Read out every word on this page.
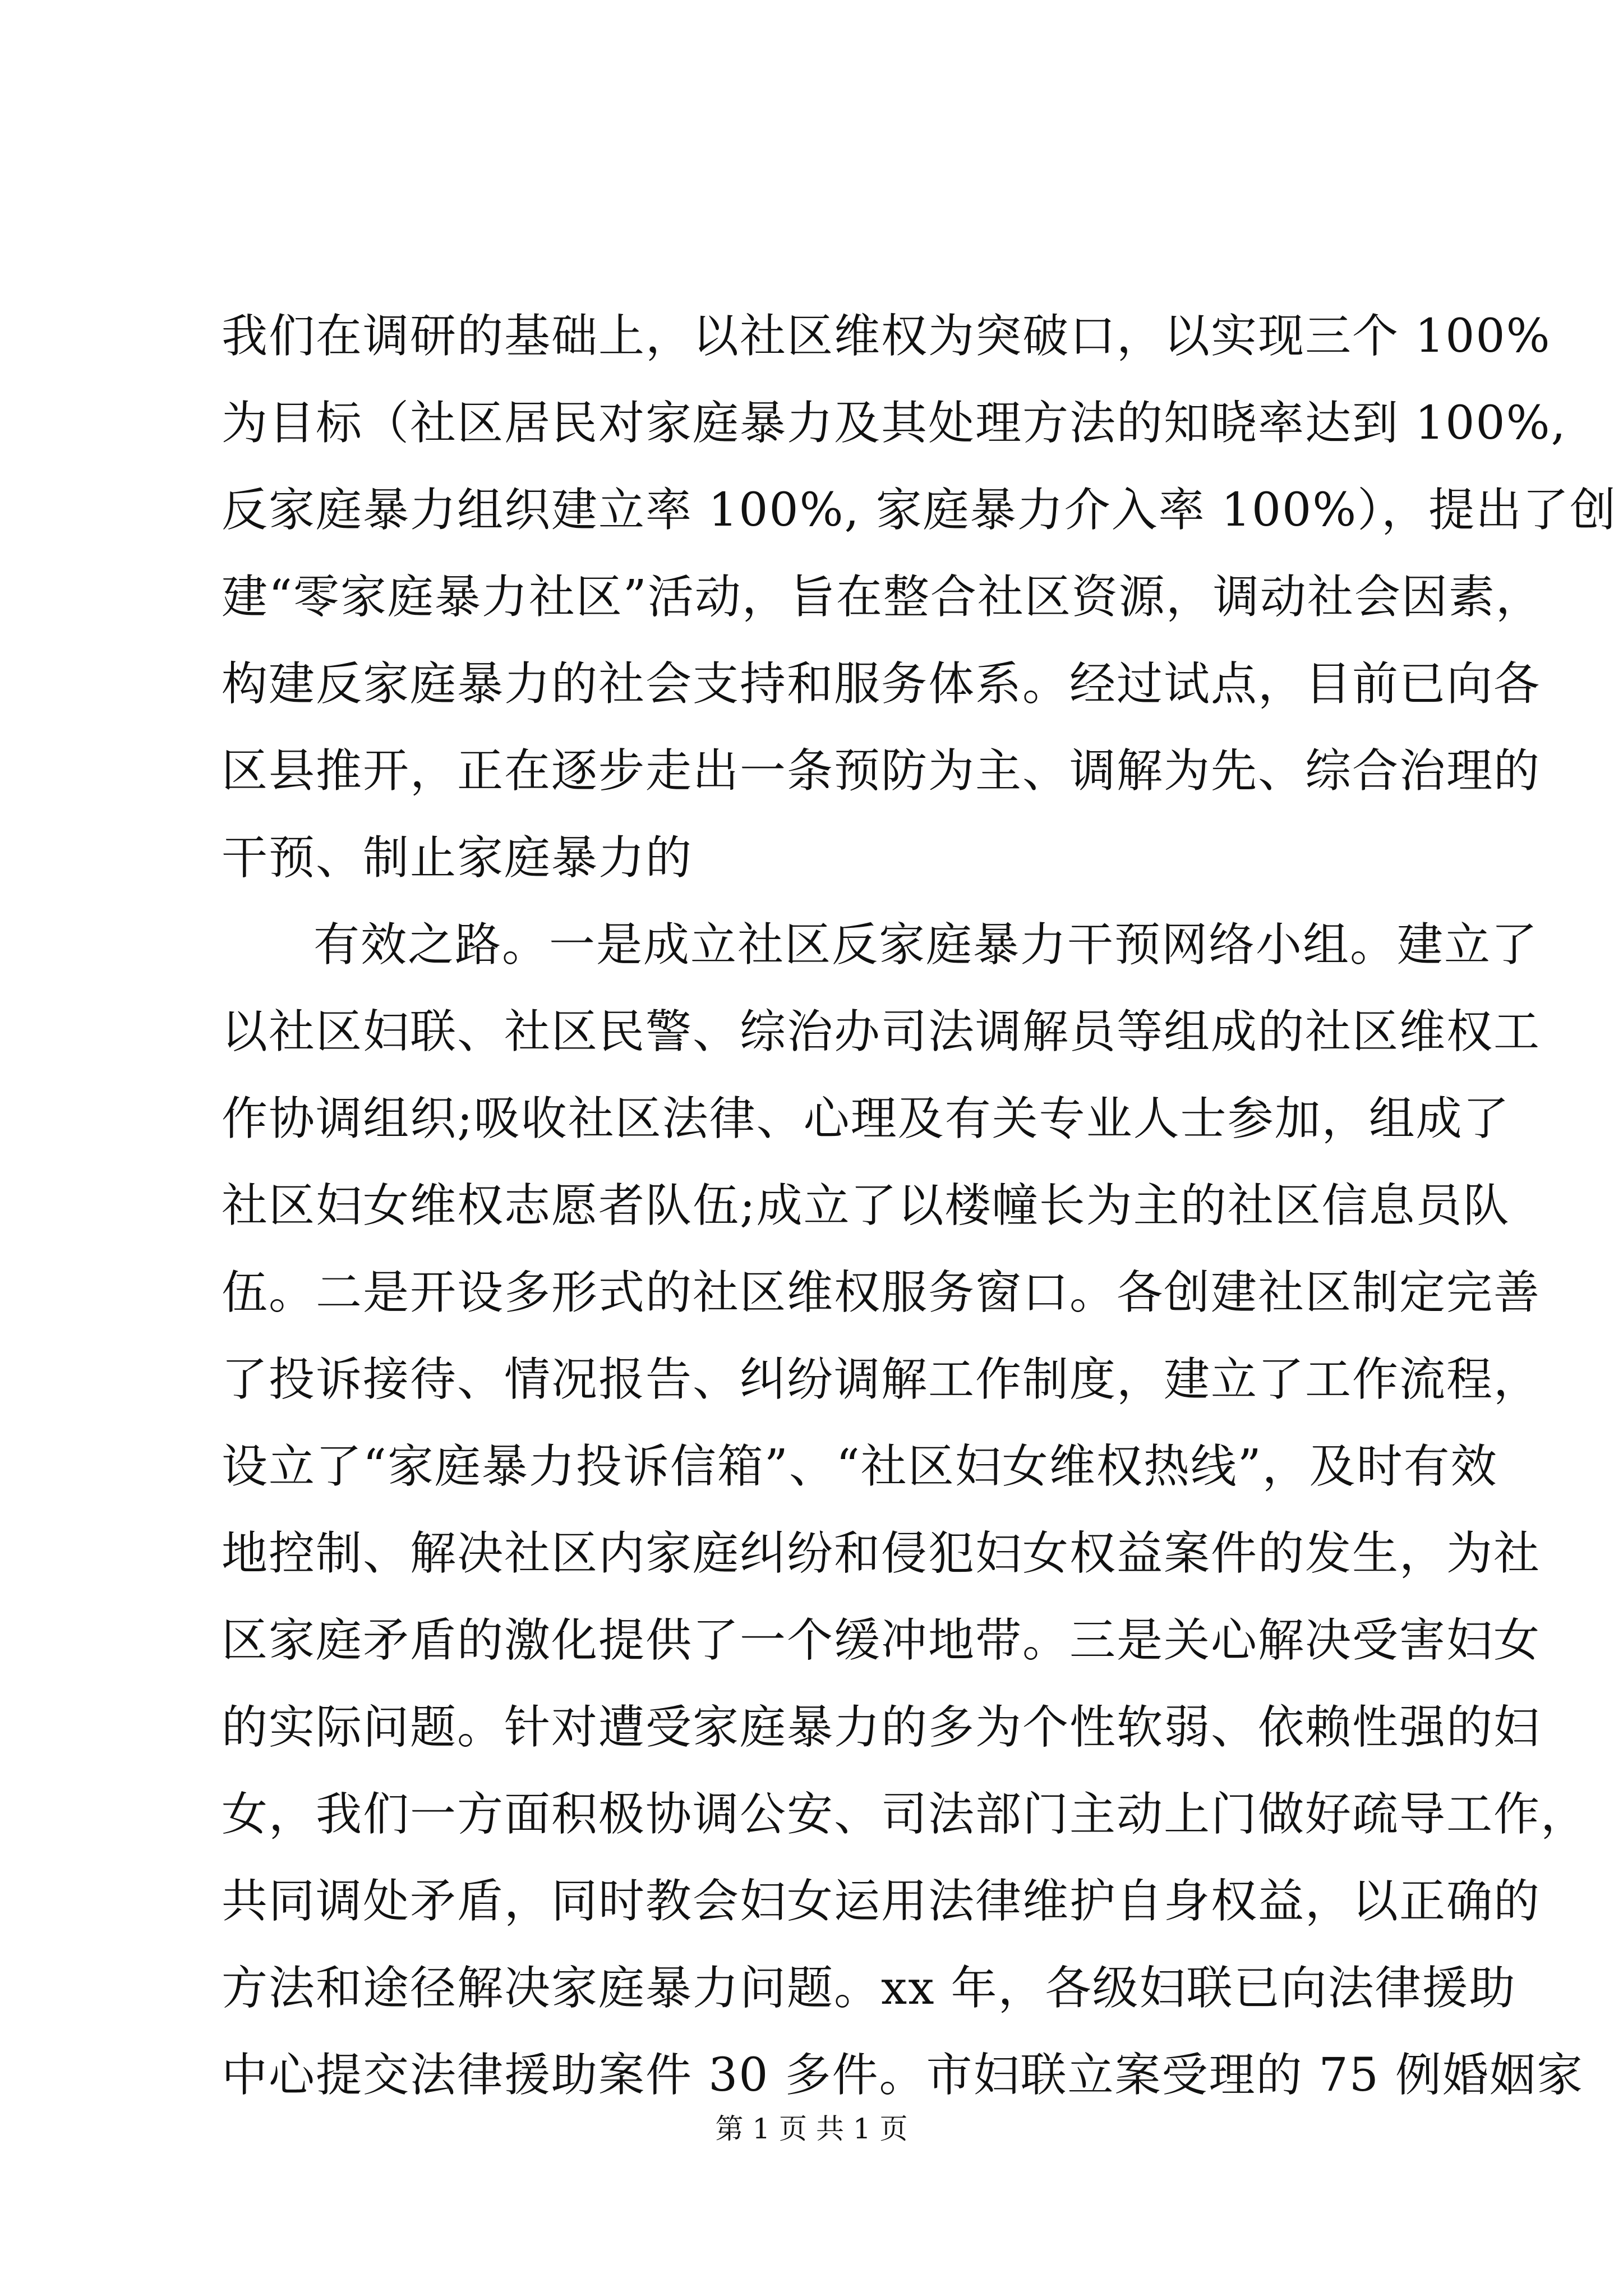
我们在调研的基础上，以社区维权为突破口，以实现三个 100%
为目标（社区居民对家庭暴力及其处理方法的知晓率达到 100%,
反家庭暴力组织建立率 100%, 家庭暴力介入率 100%），提出了创
建“零家庭暴力社区”活动，旨在整合社区资源，调动社会因素，
构建反家庭暴力的社会支持和服务体系。经过试点，目前已向各
区县推开，正在逐步走出一条预防为主、调解为先、综合治理的
干预、制止家庭暴力的
有效之路。一是成立社区反家庭暴力干预网络小组。建立了
以社区妇联、社区民警、综治办司法调解员等组成的社区维权工
作协调组织;吸收社区法律、心理及有关专业人士参加，组成了
社区妇女维权志愿者队伍;成立了以楼幢长为主的社区信息员队
伍。二是开设多形式的社区维权服务窗口。各创建社区制定完善
了投诉接待、情况报告、纠纷调解工作制度，建立了工作流程，
设立了“家庭暴力投诉信箱”、“社区妇女维权热线”，及时有效
地控制、解决社区内家庭纠纷和侵犯妇女权益案件的发生，为社
区家庭矛盾的激化提供了一个缓冲地带。三是关心解决受害妇女
的实际问题。针对遭受家庭暴力的多为个性软弱、依赖性强的妇
女，我们一方面积极协调公安、司法部门主动上门做好疏导工作，
共同调处矛盾，同时教会妇女运用法律维护自身权益，以正确的
方法和途径解决家庭暴力问题。xx 年，各级妇联已向法律援助
中心提交法律援助案件 30 多件。市妇联立案受理的 75 例婚姻家
第 1 页 共 1 页
